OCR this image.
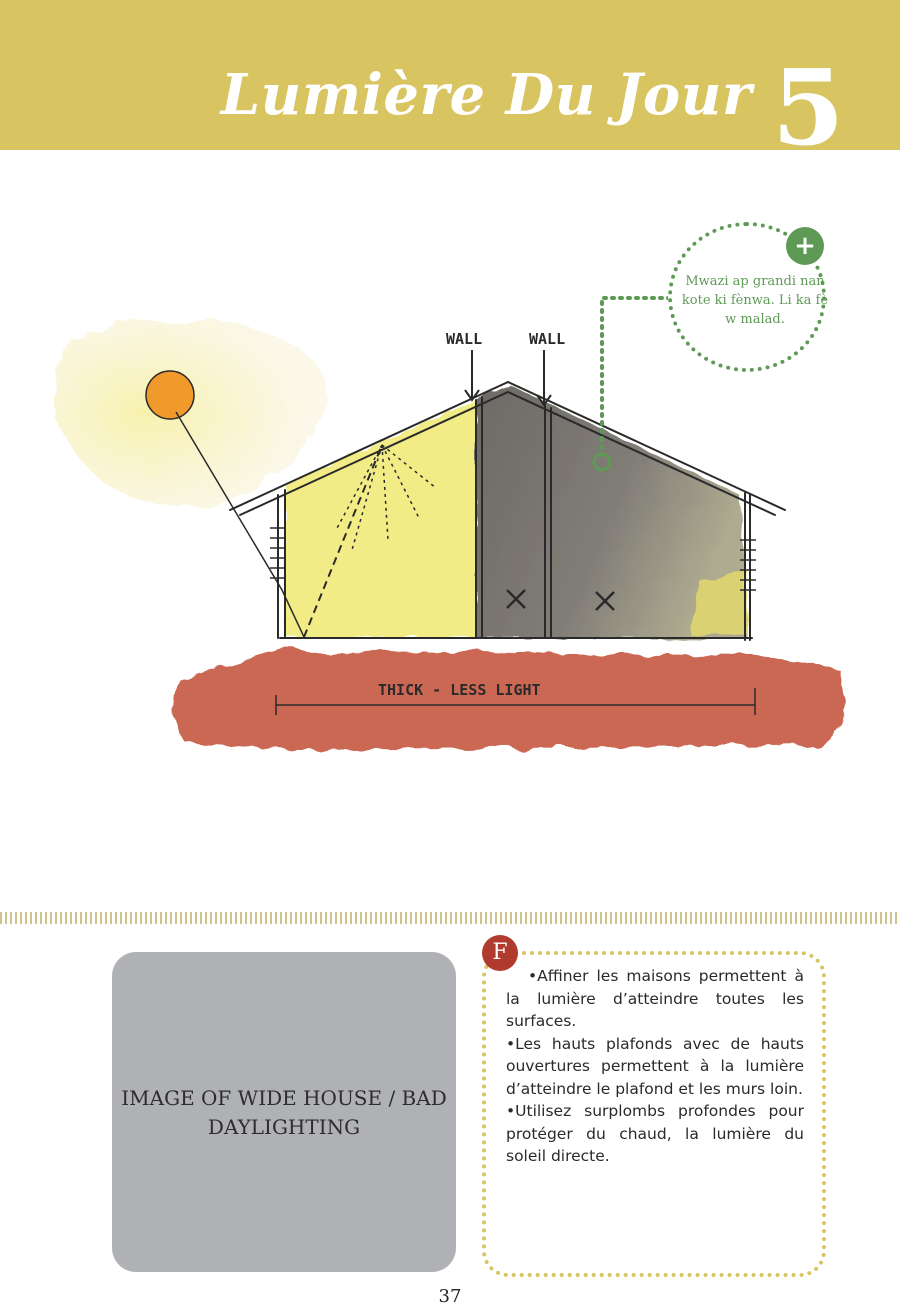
Lumière Du Jour 5
WALL	WALL
THICK - LESS LIGHT
Mwazi ap grandi nan kote ki fènwa. Li ka fè w malad.
+
IMAGE OF WIDE HOUSE / BAD DAYLIGHTING

•Affiner les maisons permettent à la lumière d’atteindre toutes les surfaces.

•Les hauts plafonds avec de hauts ouvertures permettent à la lumière d’atteindre le plafond et les murs loin.

•Utilisez surplombs profondes pour protéger du chaud, la lumière du soleil directe.

F
37
